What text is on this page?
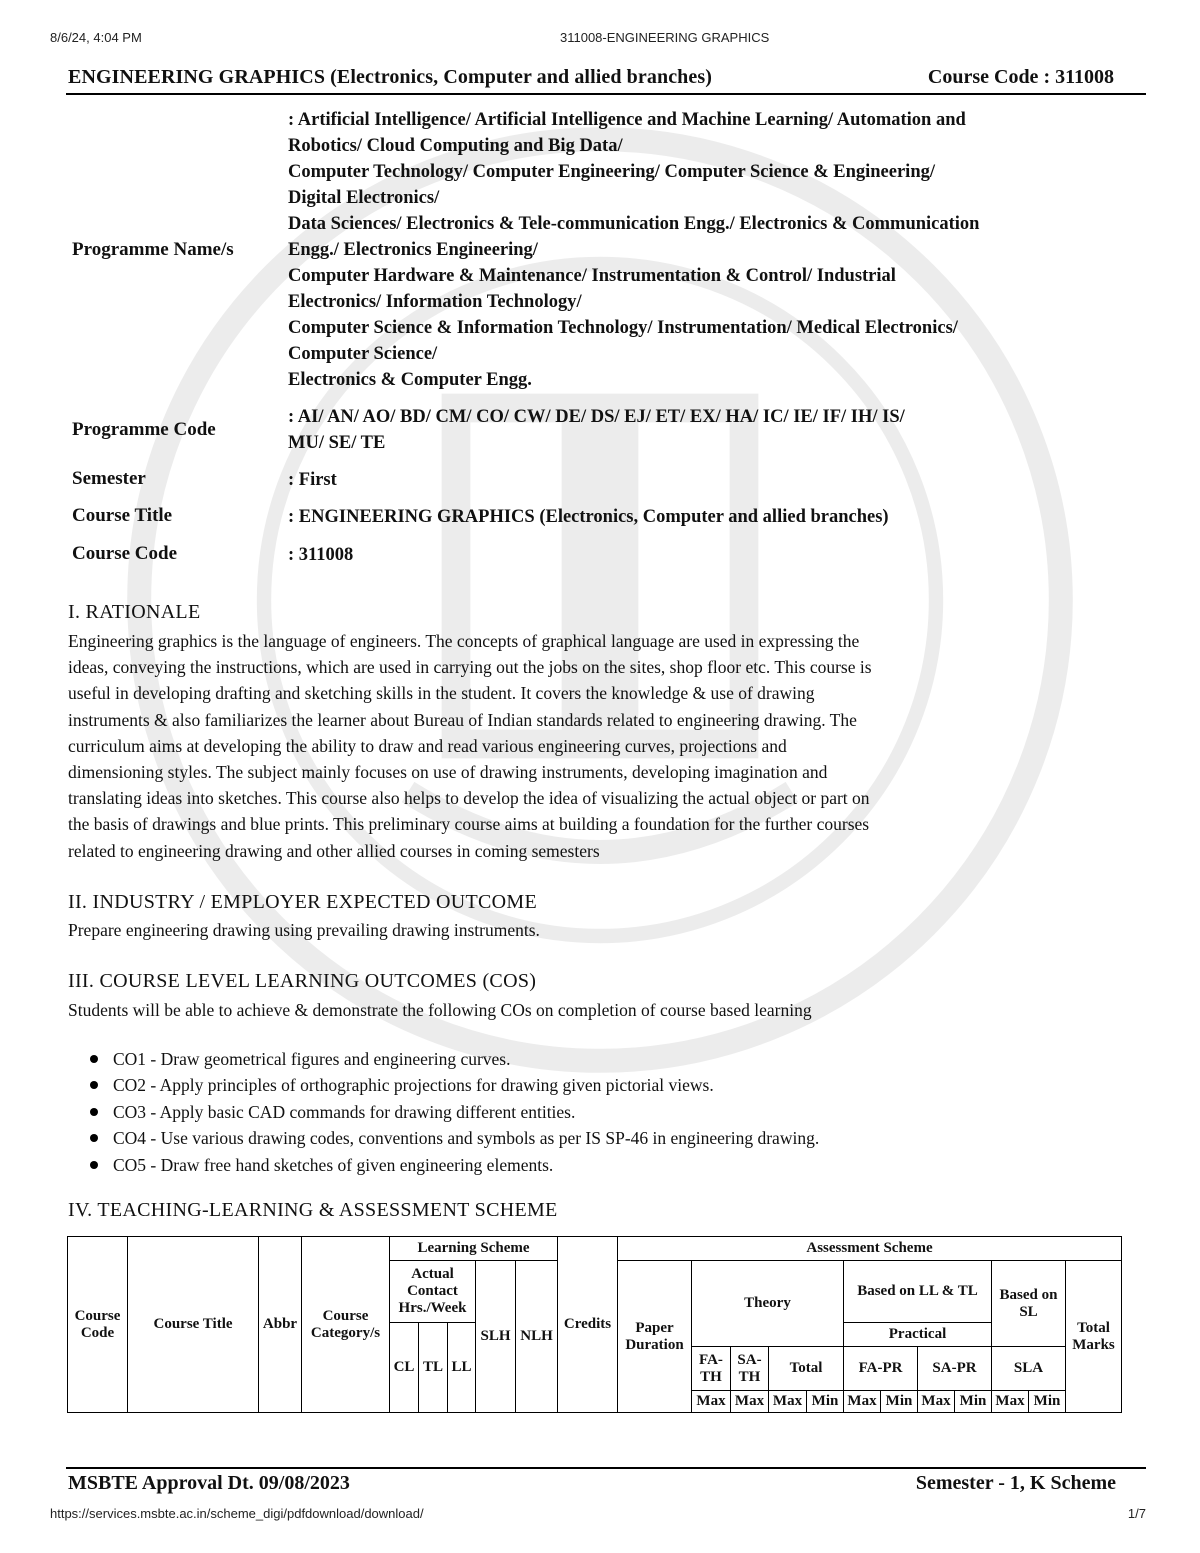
8/6/24, 4:04 PM	311008-ENGINEERING GRAPHICS
ENGINEERING GRAPHICS (Electronics, Computer and allied branches)	Course Code : 311008
Programme Name/s
: Artificial Intelligence/ Artificial Intelligence and Machine Learning/ Automation and
Robotics/ Cloud Computing and Big Data/
Computer Technology/ Computer Engineering/ Computer Science & Engineering/
Digital Electronics/
Data Sciences/ Electronics & Tele-communication Engg./ Electronics & Communication
Engg./ Electronics Engineering/
Computer Hardware & Maintenance/ Instrumentation & Control/ Industrial
Electronics/ Information Technology/
Computer Science & Information Technology/ Instrumentation/ Medical Electronics/
Computer Science/
Electronics & Computer Engg.
Programme Code
: AI/ AN/ AO/ BD/ CM/ CO/ CW/ DE/ DS/ EJ/ ET/ EX/ HA/ IC/ IE/ IF/ IH/ IS/
MU/ SE/ TE
Semester	: First
Course Title	: ENGINEERING GRAPHICS (Electronics, Computer and allied branches)
Course Code	: 311008
I. RATIONALE
Engineering graphics is the language of engineers. The concepts of graphical language are used in expressing the
ideas, conveying the instructions, which are used in carrying out the jobs on the sites, shop floor etc. This course is
useful in developing drafting and sketching skills in the student. It covers the knowledge & use of drawing
instruments & also familiarizes the learner about Bureau of Indian standards related to engineering drawing. The
curriculum aims at developing the ability to draw and read various engineering curves, projections and
dimensioning styles. The subject mainly focuses on use of drawing instruments, developing imagination and
translating ideas into sketches. This course also helps to develop the idea of visualizing the actual object or part on
the basis of drawings and blue prints. This preliminary course aims at building a foundation for the further courses
related to engineering drawing and other allied courses in coming semesters
II. INDUSTRY / EMPLOYER EXPECTED OUTCOME
Prepare engineering drawing using prevailing drawing instruments.
III. COURSE LEVEL LEARNING OUTCOMES (COS)
Students will be able to achieve & demonstrate the following COs on completion of course based learning
CO1 - Draw geometrical figures and engineering curves.
CO2 - Apply principles of orthographic projections for drawing given pictorial views.
CO3 - Apply basic CAD commands for drawing different entities.
CO4 - Use various drawing codes, conventions and symbols as per IS SP-46 in engineering drawing.
CO5 - Draw free hand sketches of given engineering elements.
IV. TEACHING-LEARNING & ASSESSMENT SCHEME
Course Code	Course Title	Abbr	Course Category/s	Learning Scheme					Credits	Assessment Scheme											
				Actual Contact Hrs./Week			SLH	NLH		Paper Duration	Theory				Based on LL & TL				Based on SL		Total Marks
				CL	TL	LL									Practical						
											FA-TH	SA-TH	Total		FA-PR		SA-PR		SLA		
											Max	Max	Max	Min	Max	Min	Max	Min	Max	Min	
MSBTE Approval Dt. 09/08/2023	Semester - 1, K Scheme
https://services.msbte.ac.in/scheme_digi/pdfdownload/download/	1/7
